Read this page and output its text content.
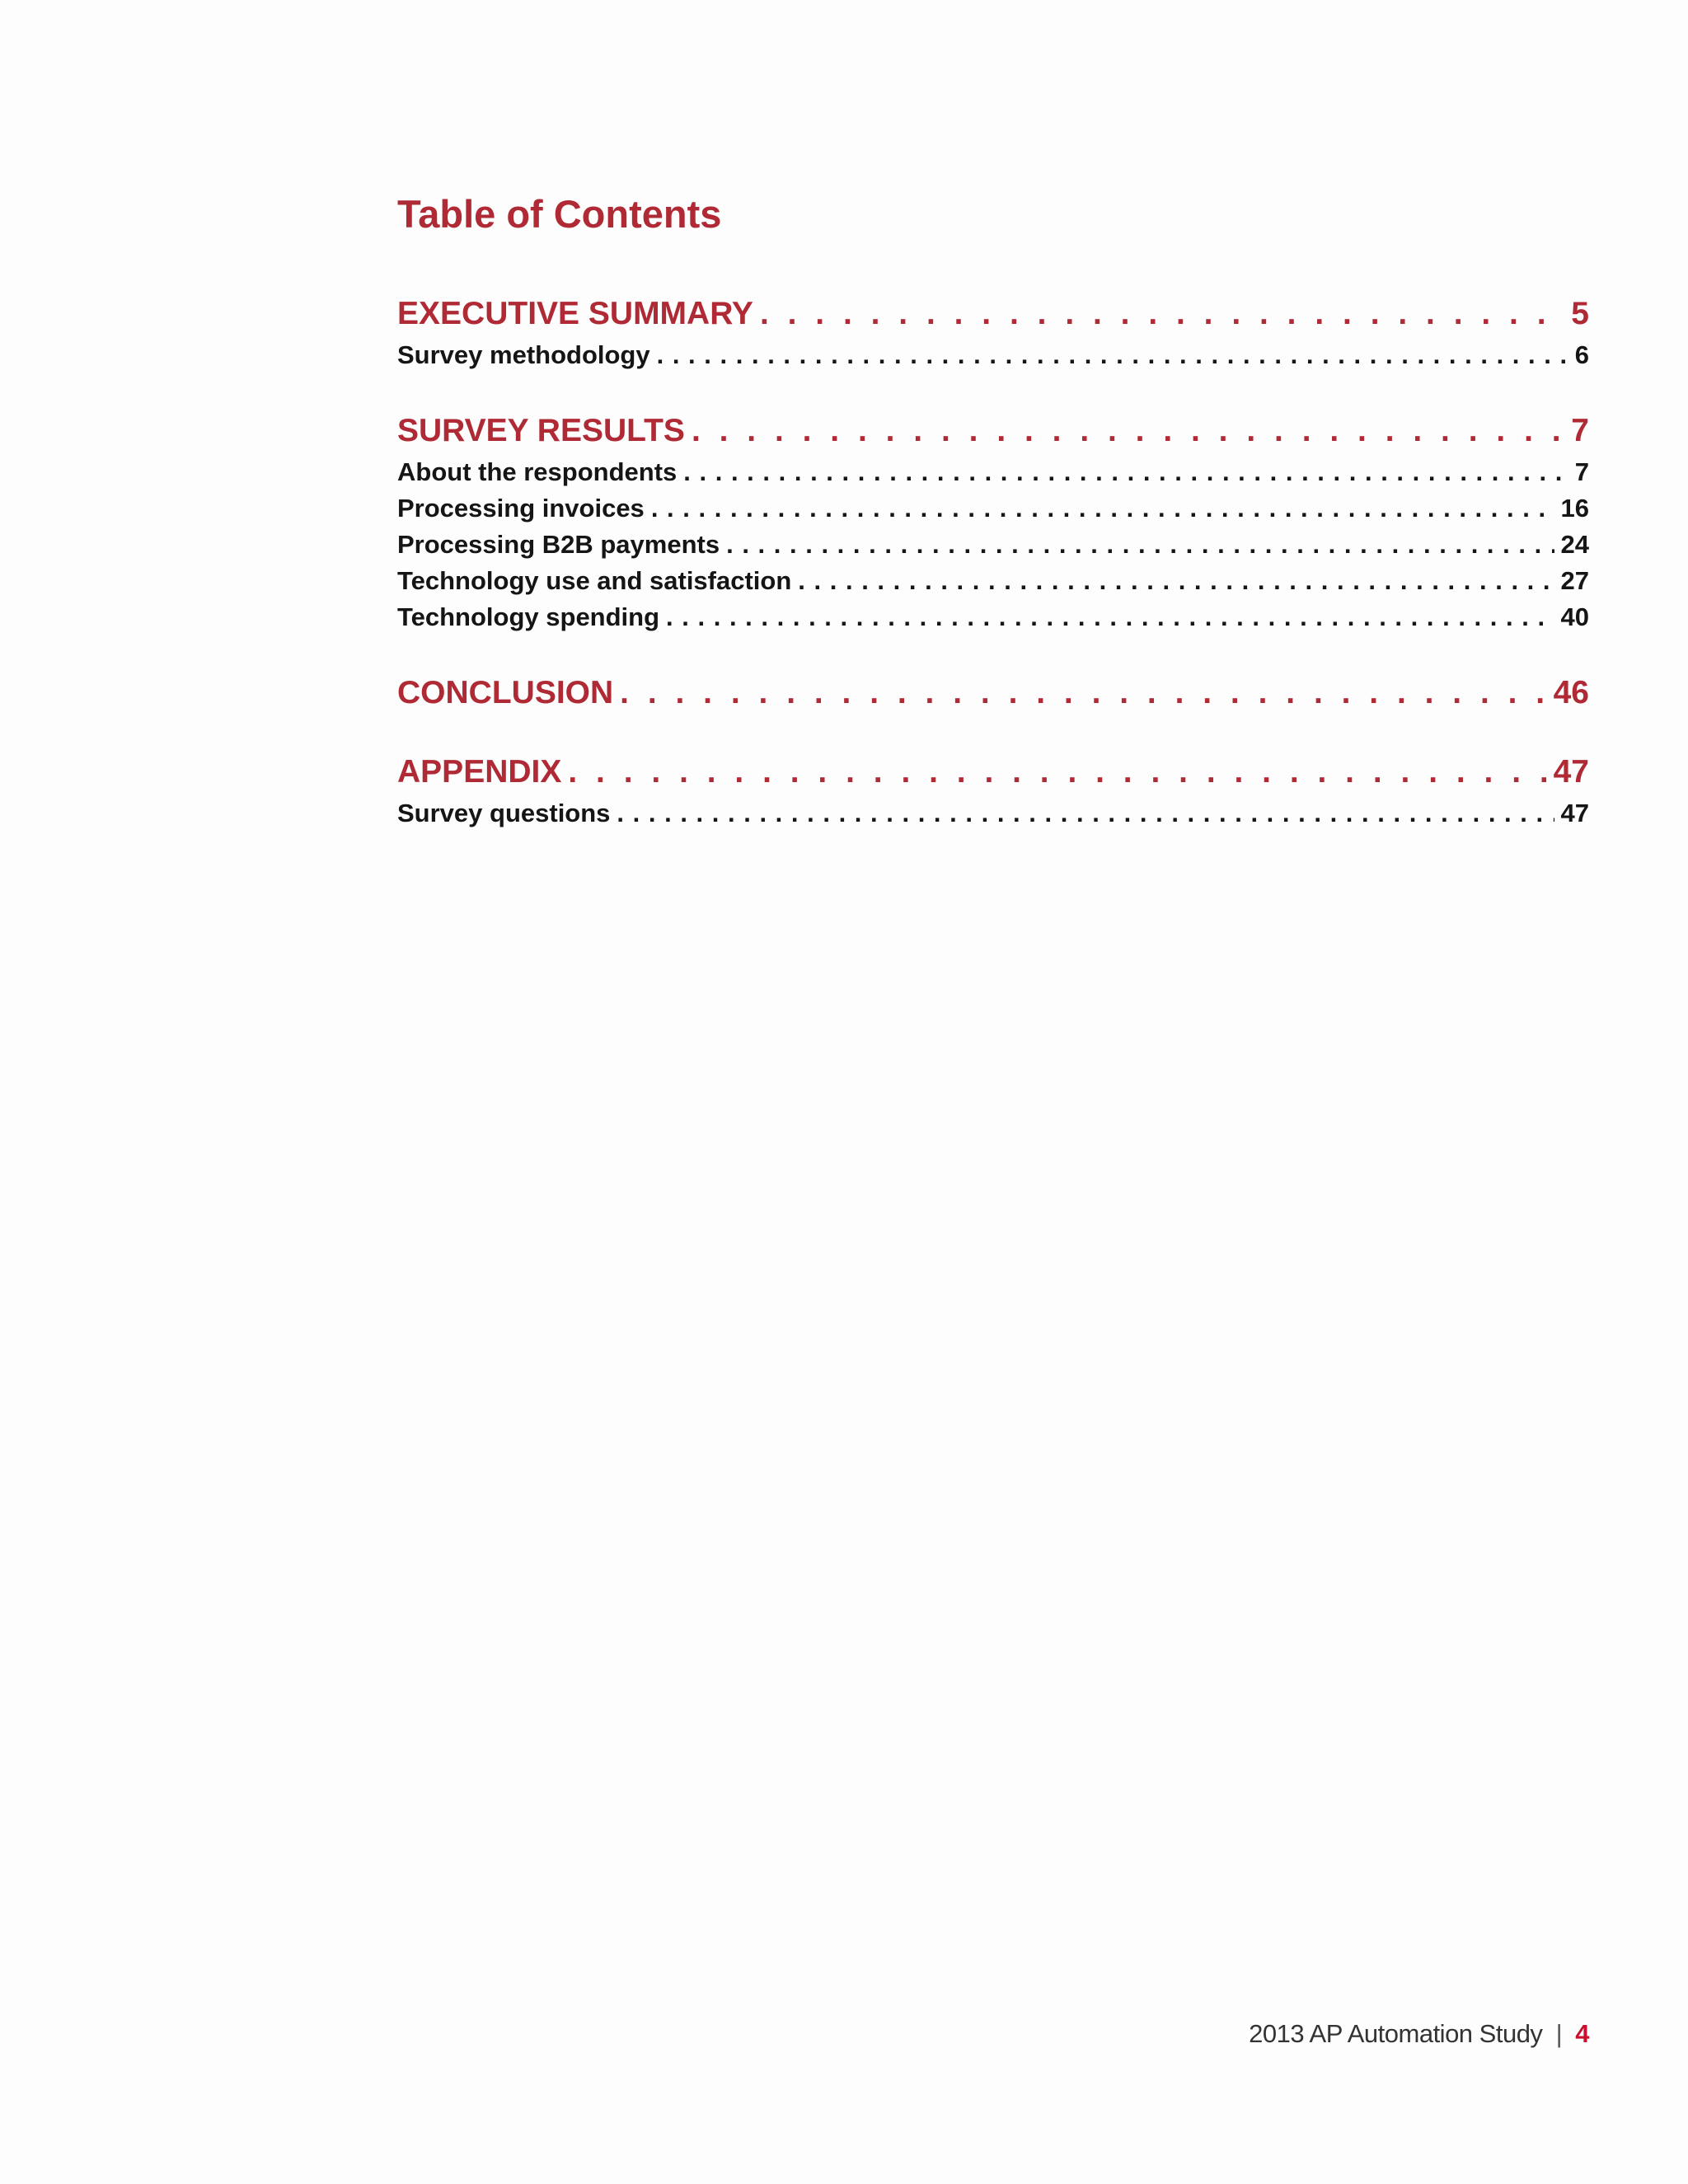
Table of Contents
EXECUTIVE SUMMARY . . .	5
Survey methodology . . .	6
SURVEY RESULTS . . .	7
About the respondents . . .	7
Processing invoices . . .	16
Processing B2B payments . . .	24
Technology use and satisfaction . . .	27
Technology spending . . .	40
CONCLUSION . . .	46
APPENDIX . . .	47
Survey questions . . .	47
2013 AP Automation Study | 4
